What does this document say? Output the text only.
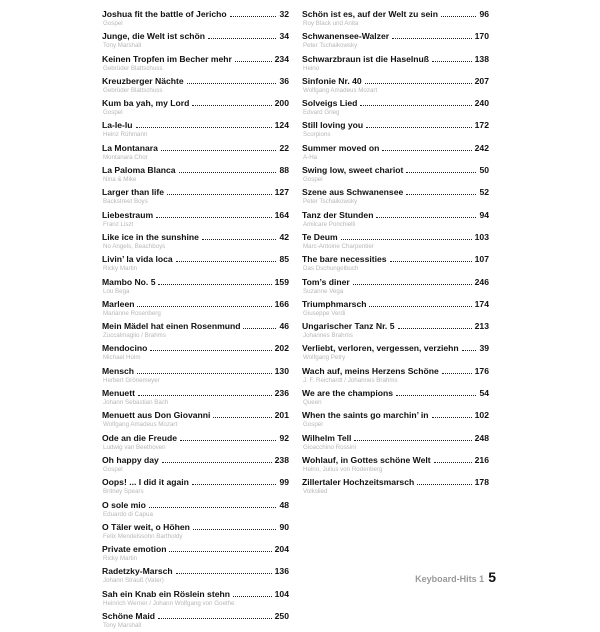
Joshua fit the battle of Jericho	32
Gospel
Junge, die Welt ist schön	34
Tony Marshall
Keinen Tropfen im Becher mehr	234
Gebrüder Blattschuss
Kreuzberger Nächte	36
Gebrüder Blattschuss
Kum ba yah, my Lord	200
Gospel
La-le-lu	124
Heinz Rühmann
La Montanara	22
Montanara Chor
La Paloma Blanca	88
Nina & Mike
Larger than life	127
Backstreet Boys
Liebestraum	164
Franz Liszt
Like ice in the sunshine	42
No Angels, Beachboys
Livin’ la vida loca	85
Ricky Martin
Mambo No. 5	159
Lou Bega
Marleen	166
Marianne Rosenberg
Mein Mädel hat einen Rosenmund	46
Zuccalmaglio / Brahms
Mendocino	202
Michael Holm
Mensch	130
Herbert Grönemeyer
Menuett	236
Johann Sebastian Bach
Menuett aus Don Giovanni	201
Wolfgang Amadeus Mozart
Ode an die Freude	92
Ludwig van Beethoven
Oh happy day	238
Gospel
Oops! ... I did it again	99
Britney Spears
O sole mio	48
Eduardo di Capua
O Täler weit, o Höhen	90
Felix Mendelssohn Bartholdy
Private emotion	204
Ricky Martin
Radetzky-Marsch	136
Johann Strauß (Vater)
Sah ein Knab ein Röslein stehn	104
Heinrich Werner / Johann Wolfgang von Goethe
Schöne Maid	250
Tony Marshall
Schön ist es, auf der Welt zu sein	96
Roy Black und Anita
Schwanensee-Walzer	170
Peter Tschaikowsky
Schwarzbraun ist die Haselnuß	138
Heino
Sinfonie Nr. 40	207
Wolfgang Amadeus Mozart
Solveigs Lied	240
Edvard Grieg
Still loving you	172
Scorpions
Summer moved on	242
A-Ha
Swing low, sweet chariot	50
Gospel
Szene aus Schwanensee	52
Peter Tschaikowsky
Tanz der Stunden	94
Amilcare Ponchielli
Te Deum	103
Marc-Antoine Charpentier
The bare necessities	107
Das Dschungelbuch
Tom’s diner	246
Suzanne Vega
Triumphmarsch	174
Giuseppe Verdi
Ungarischer Tanz Nr. 5	213
Johannes Brahms
Verliebt, verloren, vergessen, verziehn 39
Wolfgang Petry
Wach auf, meins Herzens Schöne	176
J. F. Reichardt / Johannes Brahms
We are the champions	54
Queen
When the saints go marchin’ in	102
Gospel
Wilhelm Tell	248
Gioacchino Rossini
Wohlauf, in Gottes schöne Welt	216
Heino, Julius von Rodenberg
Zillertaler Hochzeitsmarsch	178
Volkslied
Keyboard-Hits 1 5
